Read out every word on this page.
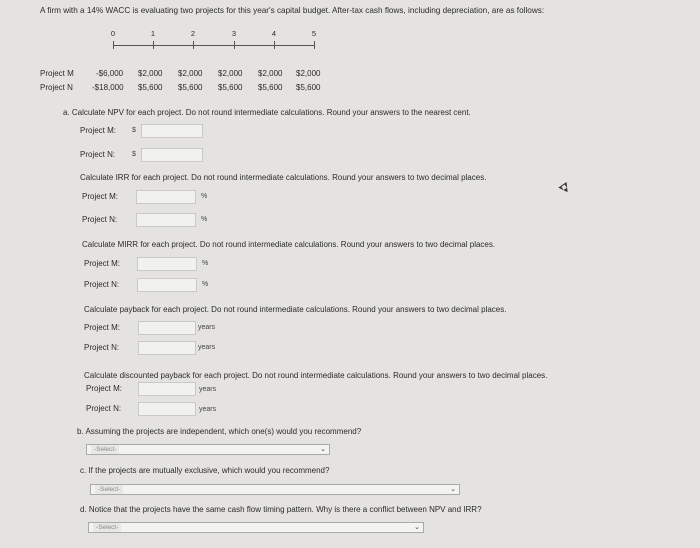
A firm with a 14% WACC is evaluating two projects for this year's capital budget. After-tax cash flows, including depreciation, are as follows:
0	1	2	3	4	5
Project M	-$6,000 $2,000 $2,000 $2,000 $2,000 $2,000
Project N -$18,000 $5,600 $5,600 $5,600 $5,600 $5,600
a. Calculate NPV for each project. Do not round intermediate calculations. Round your answers to the nearest cent.
Project M: $
Project N: $
Calculate IRR for each project. Do not round intermediate calculations. Round your answers to two decimal places.
Project M:	%
Project N:	%
Calculate MIRR for each project. Do not round intermediate calculations. Round your answers to two decimal places.
Project M:	%
Project N:	%
Calculate payback for each project. Do not round intermediate calculations. Round your answers to two decimal places.
Project M:	years
Project N:	years
Calculate discounted payback for each project. Do not round intermediate calculations. Round your answers to two decimal places.
Project M:	years
Project N:	years
b. Assuming the projects are independent, which one(s) would you recommend?
-Select-	⌄
c. If the projects are mutually exclusive, which would you recommend?
-Select-	⌄
d. Notice that the projects have the same cash flow timing pattern. Why is there a conflict between NPV and IRR?
-Select-	⌄
